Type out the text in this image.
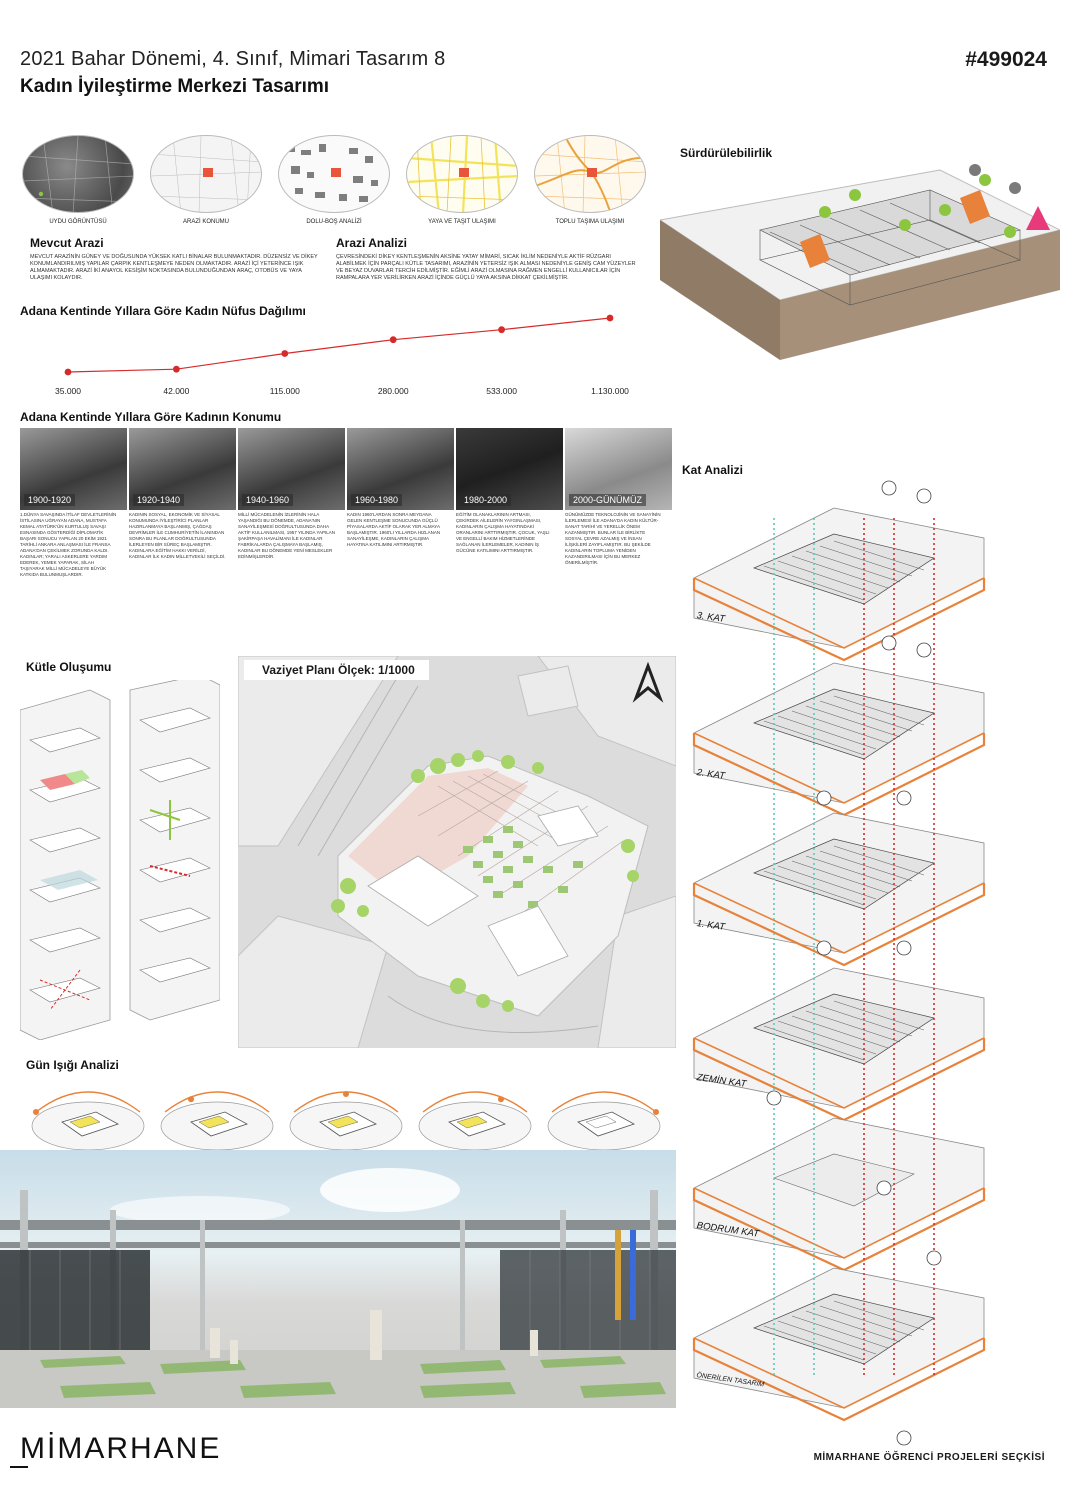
2021 Bahar Dönemi, 4. Sınıf, Mimari Tasarım 8
Kadın İyileştirme Merkezi Tasarımı
#499024
UYDU GÖRÜNTÜSÜ	ARAZİ KONUMU	DOLU-BOŞ ANALİZİ	YAYA VE TAŞIT ULAŞIMI	TOPLU TAŞIMA ULAŞIMI
Mevcut Arazi
MEVCUT ARAZİNİN GÜNEY VE DOĞUSUNDA YÜKSEK KATLI BİNALAR BULUNMAKTADIR. DÜZENSİZ VE DİKEY KONUMLANDIRILMIŞ YAPILAR ÇARPIK KENTLEŞMEYE NEDEN OLMAKTADIR. ARAZİ İÇİ YETERİNCE IŞIK ALMAMAKTADIR. ARAZİ İKİ ANAYOL KESİŞİM NOKTASINDA BULUNDUĞUNDAN ARAÇ, OTOBÜS VE YAYA ULAŞIMI KOLAYDIR.
Arazi Analizi
ÇEVRESİNDEKİ DİKEY KENTLEŞMENİN AKSİNE YATAY MİMARİ, SICAK İKLİM NEDENİYLE AKTİF RÜZGARI ALABİLMEK İÇİN PARÇALI KÜTLE TASARIMI, ARAZİNİN YETERSİZ IŞIK ALMASI NEDENİYLE GENİŞ CAM YÜZEYLER VE BEYAZ DUVARLAR TERCİH EDİLMİŞTİR. EĞİMLİ ARAZİ OLMASINA RAĞMEN ENGELLİ KULLANICILAR İÇİN RAMPALARA YER VERİLİRKEN ARAZİ İÇİNDE GÜÇLÜ YAYA AKSINA DİKKAT ÇEKİLMİŞTİR.
Adana Kentinde Yıllara Göre Kadın Nüfus Dağılımı
35.000	42.000	115.000	280.000	533.000	1.130.000
Adana Kentinde Yıllara Göre Kadının Konumu
1900-1920
1.DÜNYA SAVAŞINDA İTİLAF DEVLETLERİNİN İSTİLASINA UĞRAYAN ADANA, MUSTAFA KEMAL ATATÜRK'ÜN KURTULUŞ SAVAŞI ESNASINDA GÖSTERDİĞİ DİPLOMATİK BAŞARI SONUCU YAPILAN 20 EKİM 1921 TARİHLİ ANKARA ANLAŞMASI İLE FRANSA ADANA'DAN ÇEKİLMEK ZORUNDA KALDI. KADINLAR; YARALI ASKERLERE YARDIM EDEREK, YEMEK YAPARAK, SİLAH TAŞIYARAK MİLLİ MÜCADELEYE BÜYÜK KATKIDA BULUNMUŞLARDIR.
1920-1940
KADININ SOSYAL, EKONOMİK VE SİYASAL KONUMUNDA İYİLEŞTİRİCİ PLANLAR HAZIRLANMAYA BAŞLANMIŞ, ÇAĞDAŞ DEVRİMLER İLE CUMHURİYETİN İLANINDAN SONRA BU PLANLAR DOĞRULTUSUNDA İLERLEYEN BİR SÜREÇ BAŞLAMIŞTIR. KADINLARA EĞİTİM HAKKI VERİLDİ, KADINLAR İLK KADIN MİLLETVEKİLİ SEÇİLDİ.
1940-1960
MİLLİ MÜCADELENİN İZLERİNİN HALA YAŞANDIĞI BU DÖNEMDE, ADANA'NIN SANAYİLEŞMESİ DOĞRULTUSUNDA DAHA AKTİF KULLANILMASI, 1957 YILINDA YAPILAN ŞAKİRPAŞA HAVALİMANI İLE KADINLAR FABRİKALARDA ÇALIŞMAYA BAŞLAMIŞ, KADINLAR BU DÖNEMDE YENİ MESLEKLER EDİNMİŞLERDİR.
1960-1980
KADIN 1960'LARDAN SONRA MEYDANA GELEN KENTLEŞME SONUCUNDA GÜÇLÜ PİYASALARDA AKTİF OLARAK YER ALMAYA BAŞLAMIŞTIR. 1960'LI YILLARDA HIZLANAN SANAYİLEŞME, KADINLARIN ÇALIŞMA HAYATINA KATILIMINI ARTIRMIŞTIR.
1980-2000
EĞİTİM OLANAKLARININ ARTMASI, ÇEKİRDEK AİLELERİN YAYGINLAŞMASI, KADINLARIN ÇALIŞMA HAYATINDAKİ ORANLARINI ARTTIRMIŞTIR. ÇOCUK, YAŞLI VE ENGELLİ BAKIM HİZMETLERİNDE SAĞLANAN İLERLEMELER, KADININ İŞ GÜCÜNE KATILIMINI ARTTIRMIŞTIR.
2000-GÜNÜMÜZ
GÜNÜMÜZDE TEKNOLOJİNİN VE SANAYİNİN İLERLEMESİ İLE ADANA'DA KADIN KÜLTÜR-SANAT TARİHİ VE YERELLİK ÖNEM KAZANMIŞTIR. BUNLAR İLE BİRLİKTE SOSYAL ÇEVRE AZALMIŞ VE İNSAN İLİŞKİLERİ ZAYIFLAMIŞTIR. BU ŞEKİLDE KADINLARIN TOPLUMA YENİDEN KAZANDIRILMASI İÇİN BU MERKEZ ÖNERİLMİŞTİR.
Sürdürülebilirlik
Kütle Oluşumu	Vaziyet Planı Ölçek: 1/1000
Gün Işığı Analizi
Kat Analizi
3. KAT
2. KAT
1. KAT
ZEMİN KAT
BODRUM KAT
ÖNERİLEN TASARIM
MİMARHANE	MİMARHANE ÖĞRENCİ PROJELERİ SEÇKİSİ
